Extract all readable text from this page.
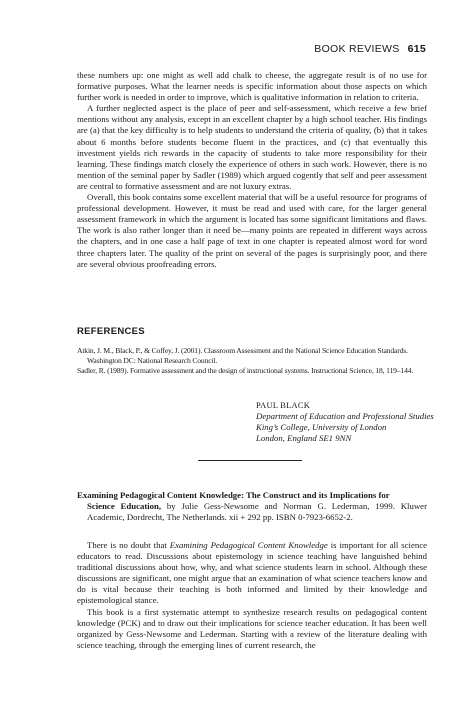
BOOK REVIEWS 615

these numbers up: one might as well add chalk to cheese, the aggregate result is of no use for formative purposes. What the learner needs is specific information about those aspects on which further work is needed in order to improve, which is qualitative information in relation to criteria.

A further neglected aspect is the place of peer and self-assessment, which receive a few brief mentions without any analysis, except in an excellent chapter by a high school teacher. His findings are (a) that the key difficulty is to help students to understand the criteria of quality, (b) that it takes about 6 months before students become fluent in the practices, and (c) that eventually this investment yields rich rewards in the capacity of students to take more responsibility for their learning. These findings match closely the experience of others in such work. However, there is no mention of the seminal paper by Sadler (1989) which argued cogently that self and peer assessment are central to formative assessment and are not luxury extras.

Overall, this book contains some excellent material that will be a useful resource for programs of professional development. However, it must be read and used with care, for the larger general assessment framework in which the argument is located has some significant limitations and flaws. The work is also rather longer than it need be—many points are repeated in different ways across the chapters, and in one case a half page of text in one chapter is repeated almost word for word three chapters later. The quality of the print on several of the pages is surprisingly poor, and there are several obvious proofreading errors.

REFERENCES

Atkin, J. M., Black, P., & Coffey, J. (2001). Classroom Assessment and the National Science Education Standards. Washington DC: National Research Council.

Sadler, R. (1989). Formative assessment and the design of instructional systems. Instructional Science, 18, 119–144.

PAUL BLACK
Department of Education and Professional Studies
King’s College, University of London
London, England SE1 9NN
Examining Pedagogical Content Knowledge: The Construct and its Implications for
Science Education, by Julie Gess-Newsome and Norman G. Lederman, 1999. Kluwer Academic, Dordrecht, The Netherlands. xii + 292 pp. ISBN 0-7923-6652-2.

There is no doubt that Examining Pedagogical Content Knowledge is important for all science educators to read. Discussions about epistemology in science teaching have languished behind traditional discussions about how, why, and what science students learn in school. Although these discussions are significant, one might argue that an examination of what science teachers know and do is vital because their teaching is both informed and limited by their knowledge and epistemological stance.

This book is a first systematic attempt to synthesize research results on pedagogical content knowledge (PCK) and to draw out their implications for science teacher education. It has been well organized by Gess-Newsome and Lederman. Starting with a review of the literature dealing with science teaching, through the emerging lines of current research, the
